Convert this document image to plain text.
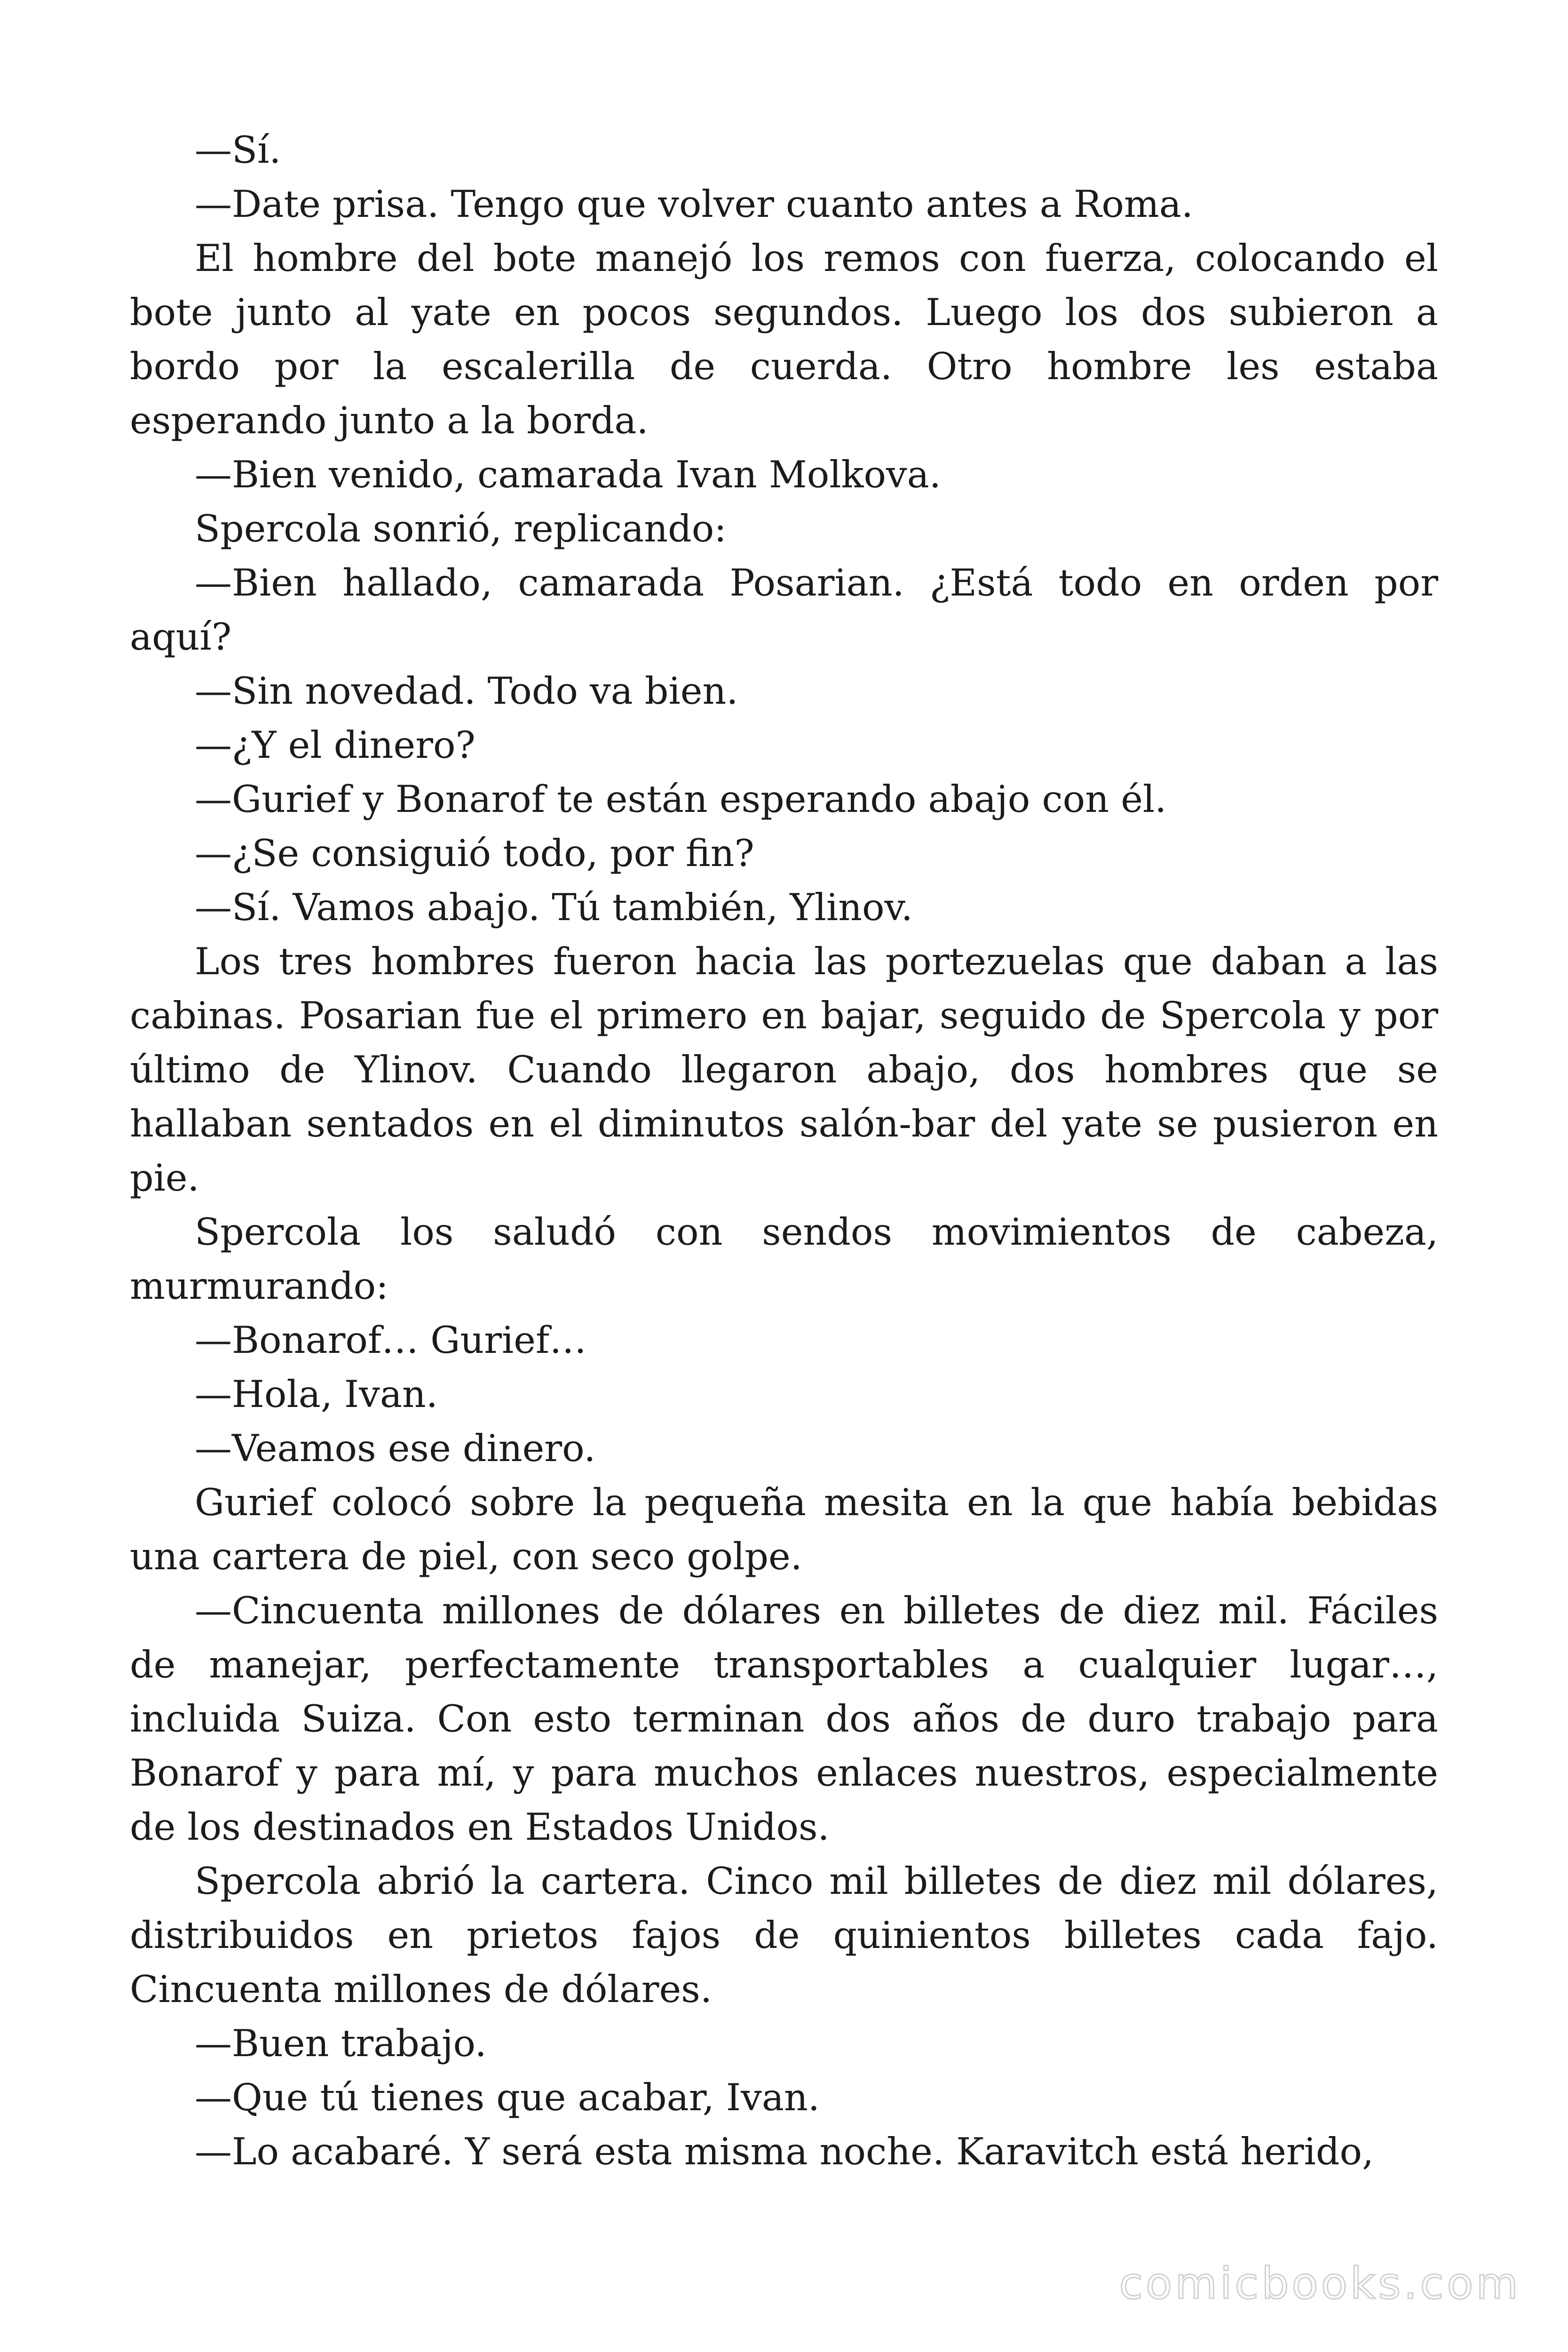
—Sí.

—Date prisa. Tengo que volver cuanto antes a Roma.

El hombre del bote manejó los remos con fuerza, colocando el bote junto al yate en pocos segundos. Luego los dos subieron a bordo por la escalerilla de cuerda. Otro hombre les estaba esperando junto a la borda.

—Bien venido, camarada Ivan Molkova.

Spercola sonrió, replicando:

—Bien hallado, camarada Posarian. ¿Está todo en orden por aquí?

—Sin novedad. Todo va bien.

—¿Y el dinero?

—Gurief y Bonarof te están esperando abajo con él.

—¿Se consiguió todo, por fin?

—Sí. Vamos abajo. Tú también, Ylinov.

Los tres hombres fueron hacia las portezuelas que daban a las cabinas. Posarian fue el primero en bajar, seguido de Spercola y por último de Ylinov. Cuando llegaron abajo, dos hombres que se hallaban sentados en el diminutos salón-bar del yate se pusieron en pie.

Spercola los saludó con sendos movimientos de cabeza, murmurando:

—Bonarof… Gurief…

—Hola, Ivan.

—Veamos ese dinero.

Gurief colocó sobre la pequeña mesita en la que había bebidas una cartera de piel, con seco golpe.

—Cincuenta millones de dólares en billetes de diez mil. Fáciles de manejar, perfectamente transportables a cualquier lugar…, incluida Suiza. Con esto terminan dos años de duro trabajo para Bonarof y para mí, y para muchos enlaces nuestros, especialmente de los destinados en Estados Unidos.

Spercola abrió la cartera. Cinco mil billetes de diez mil dólares, distribuidos en prietos fajos de quinientos billetes cada fajo. Cincuenta millones de dólares.

—Buen trabajo.

—Que tú tienes que acabar, Ivan.

—Lo acabaré. Y será esta misma noche. Karavitch está herido,

comicbooks.com
